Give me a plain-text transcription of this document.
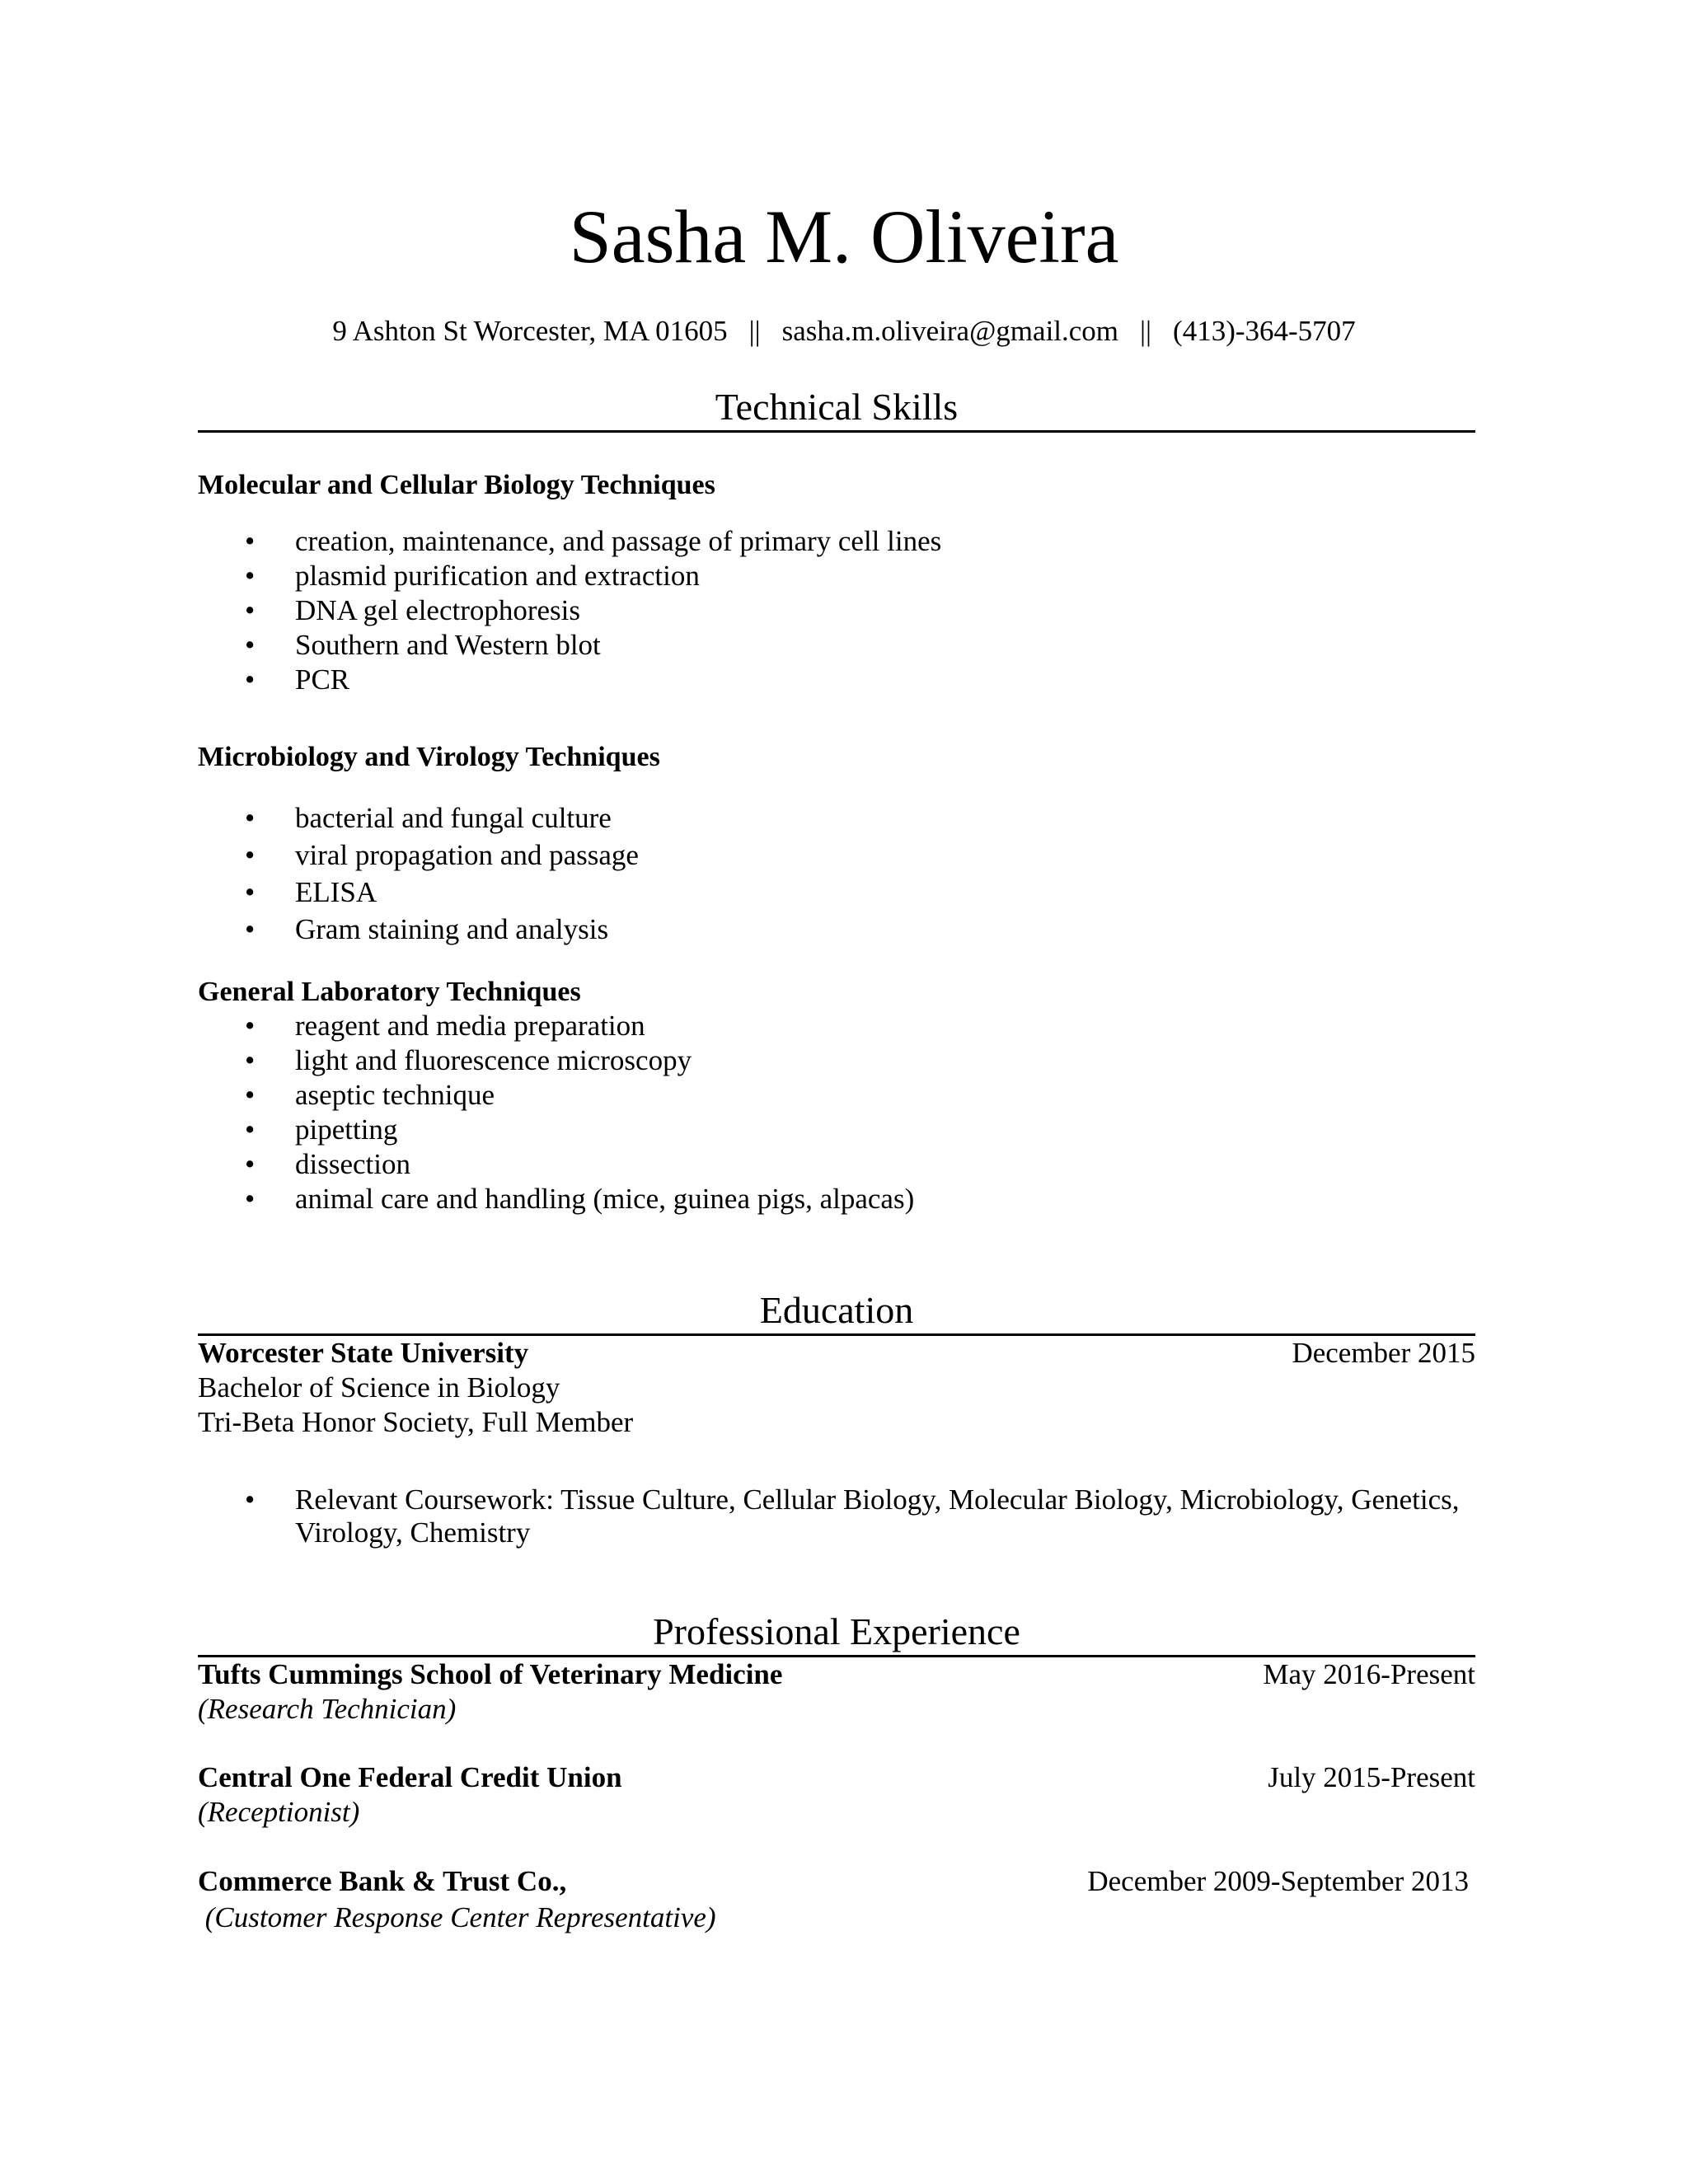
Sasha M. Oliveira
9 Ashton St Worcester, MA 01605 || sasha.m.oliveira@gmail.com || (413)-364-5707
Technical Skills
Molecular and Cellular Biology Techniques
• creation, maintenance, and passage of primary cell lines
• plasmid purification and extraction
• DNA gel electrophoresis
• Southern and Western blot
• PCR
Microbiology and Virology Techniques
• bacterial and fungal culture
• viral propagation and passage
• ELISA
• Gram staining and analysis
General Laboratory Techniques
• reagent and media preparation
• light and fluorescence microscopy
• aseptic technique
• pipetting
• dissection
• animal care and handling (mice, guinea pigs, alpacas)
Education
Worcester State University	December 2015
Bachelor of Science in Biology
Tri-Beta Honor Society, Full Member
• Relevant Coursework: Tissue Culture, Cellular Biology, Molecular Biology, Microbiology, Genetics, Virology, Chemistry
Professional Experience
Tufts Cummings School of Veterinary Medicine	May 2016-Present
(Research Technician)
Central One Federal Credit Union	July 2015-Present
(Receptionist)
Commerce Bank & Trust Co.,	December 2009-September 2013
(Customer Response Center Representative)
